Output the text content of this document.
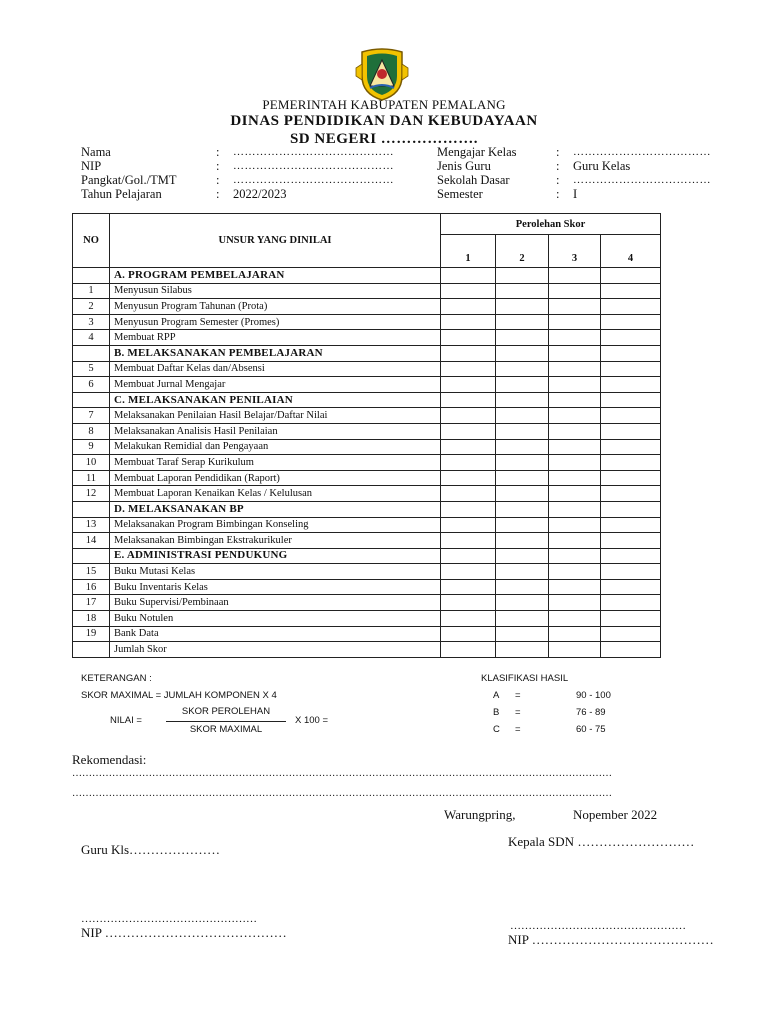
PEMERINTAH KABUPATEN PEMALANG
DINAS PENDIDIKAN DAN KEBUDAYAAN
SD NEGERI ……………….
Nama	: ……………………………………
NIP	: ……………………………………
Pangkat/Gol./TMT	: ……………………………………
Tahun Pelajaran	: 2022/2023
Mengajar Kelas	: ………………………………
Jenis Guru	: Guru Kelas
Sekolah Dasar	: ………………………………
Semester	: I
NO	UNSUR YANG DINILAI	Perolehan Skor			
		1	2	3	4
	A. PROGRAM PEMBELAJARAN				
1	Menyusun Silabus				
2	Menyusun Program Tahunan (Prota)				
3	Menyusun Program Semester (Promes)				
4	Membuat RPP				
	B. MELAKSANAKAN PEMBELAJARAN				
5	Membuat Daftar Kelas dan/Absensi				
6	Membuat Jurnal Mengajar				
	C. MELAKSANAKAN PENILAIAN				
7	Melaksanakan Penilaian Hasil Belajar/Daftar Nilai				
8	Melaksanakan Analisis Hasil Penilaian				
9	Melakukan Remidial dan Pengayaan				
10	Membuat Taraf Serap Kurikulum				
11	Membuat Laporan Pendidikan (Raport)				
12	Membuat Laporan Kenaikan Kelas / Kelulusan				
	D. MELAKSANAKAN BP				
13	Melaksanakan Program Bimbingan Konseling				
14	Melaksanakan Bimbingan Ekstrakurikuler				
	E. ADMINISTRASI PENDUKUNG				
15	Buku Mutasi Kelas				
16	Buku Inventaris Kelas				
17	Buku Supervisi/Pembinaan				
18	Buku Notulen				
19	Bank Data				
	Jumlah Skor				
KETERANGAN :
SKOR MAXIMAL = JUMLAH KOMPONEN X 4
NILAI =
SKOR PEROLEHAN
SKOR MAXIMAL
X 100 =
KLASIFIKASI HASIL
A =	90 - 100
B =	76 - 89
C =	60 - 75
Rekomendasi:
………………………………………………………………………………………………………………………………………………
………………………………………………………………………………………………………………………………………………
Warungpring,	Nopember 2022
Guru Kls…………………
Kepala SDN ………………………
…………………………………………
NIP ……………………………………	…………………………………………
NIP ……………………………………
